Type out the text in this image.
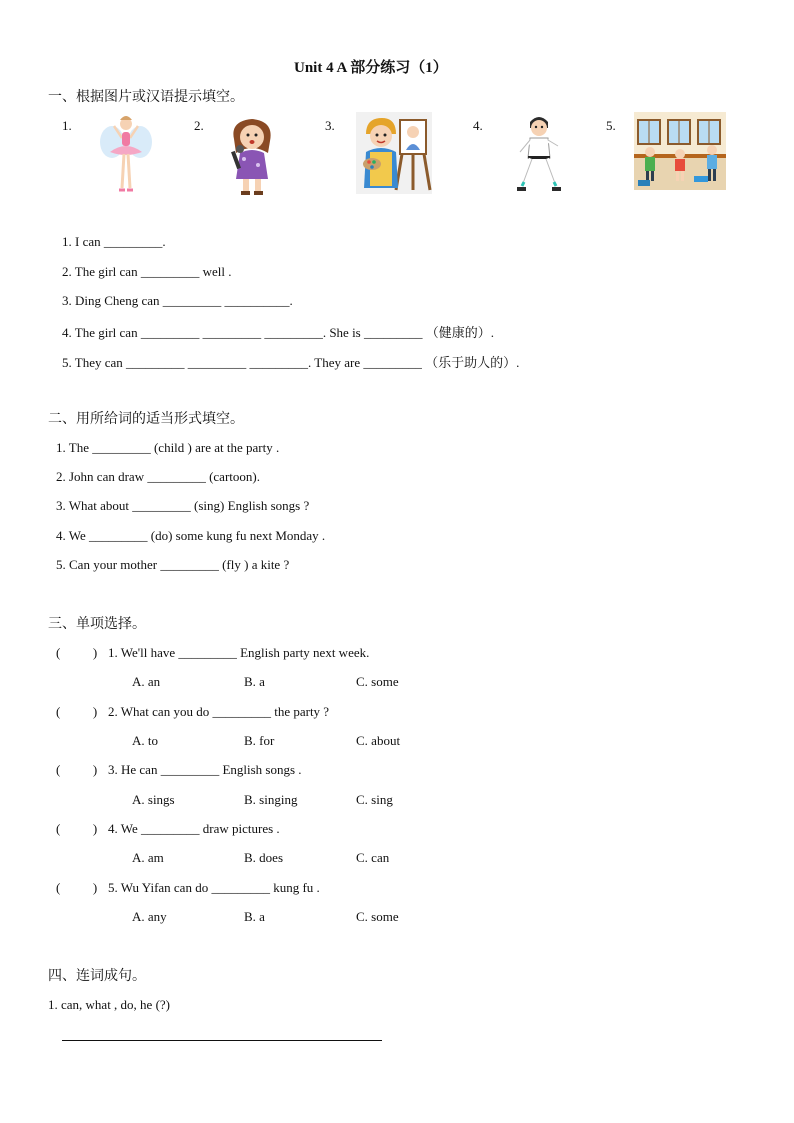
Unit 4 A 部分练习（1）
一、根据图片或汉语提示填空。
1.	2.	3.	4.	5.
1. I can _________.
2. The girl can _________ well .
3. Ding Cheng can _________ __________.
4. The girl can _________ _________ _________. She is _________ （健康的）.
5. They can _________ _________ _________. They are _________ （乐于助人的）.
二、用所给词的适当形式填空。
1. The _________ (child ) are at the party .
2. John can draw _________ (cartoon).
3. What about _________ (sing) English songs ?
4. We _________ (do) some kung fu next Monday .
5. Can your mother _________ (fly ) a kite ?
三、单项选择。
(          ) 1. We'll have _________ English party next week.
A. an	B. a	C. some
(          ) 2. What can you do _________ the party ?
A. to	B. for	C. about
(          ) 3. He can _________ English songs .
A. sings	B. singing	C. sing
(          ) 4. We _________ draw pictures .
A. am	B. does	C. can
(          ) 5. Wu Yifan can do _________ kung fu .
A. any	B. a	C. some
四、连词成句。
1. can, what , do, he (?)
